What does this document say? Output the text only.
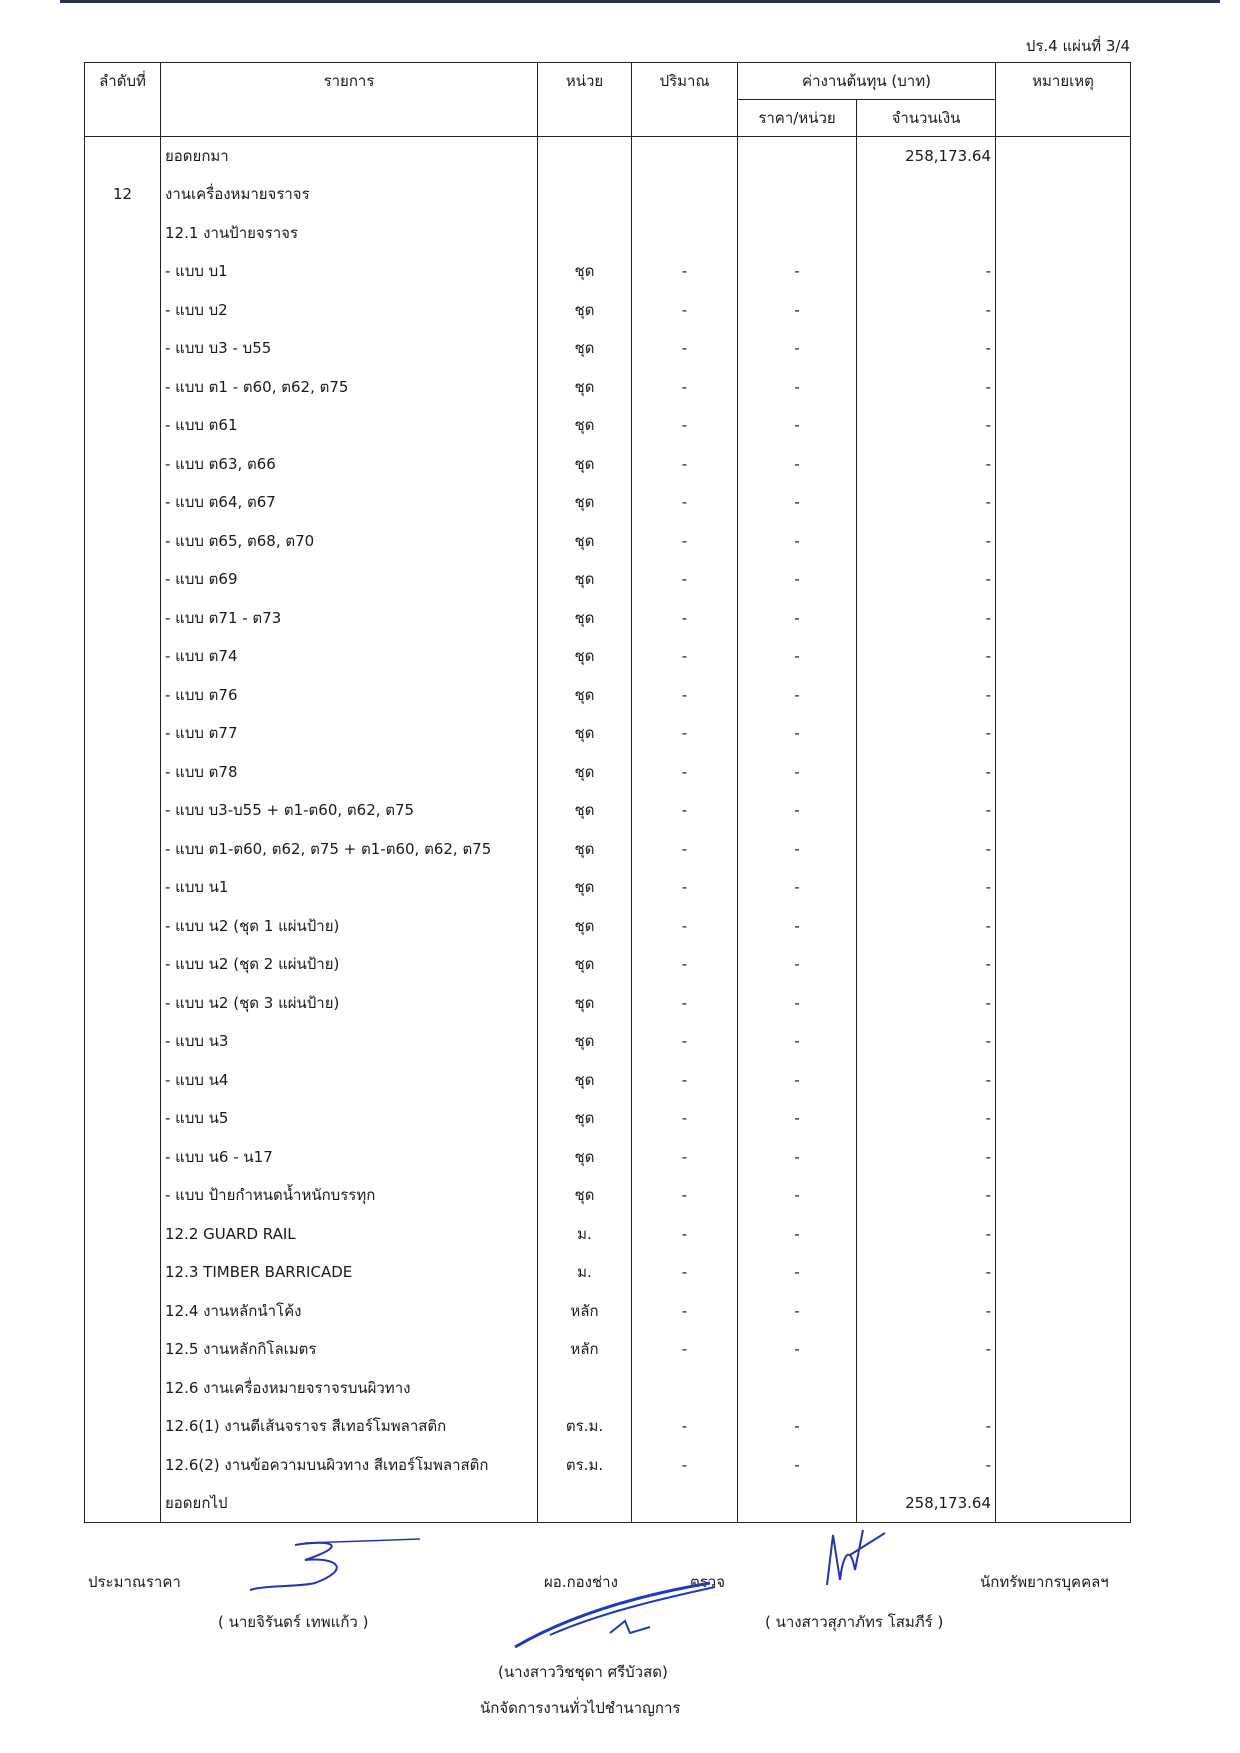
ปร.4 แผ่นที่ 3/4
ลำดับที่	รายการ	หน่วย	ปริมาณ	ค่างานต้นทุน (บาท)		หมายเหตุ
				ราคา/หน่วย	จำนวนเงิน	
	ยอดยกมา				258,173.64	
12	งานเครื่องหมายจราจร					
	12.1 งานป้ายจราจร					
	- แบบ บ1	ชุด	-	-	-	
	- แบบ บ2	ชุด	-	-	-	
	- แบบ บ3 - บ55	ชุด	-	-	-	
	- แบบ ต1 - ต60, ต62, ต75	ชุด	-	-	-	
	- แบบ ต61	ชุด	-	-	-	
	- แบบ ต63, ต66	ชุด	-	-	-	
	- แบบ ต64, ต67	ชุด	-	-	-	
	- แบบ ต65, ต68, ต70	ชุด	-	-	-	
	- แบบ ต69	ชุด	-	-	-	
	- แบบ ต71 - ต73	ชุด	-	-	-	
	- แบบ ต74	ชุด	-	-	-	
	- แบบ ต76	ชุด	-	-	-	
	- แบบ ต77	ชุด	-	-	-	
	- แบบ ต78	ชุด	-	-	-	
	- แบบ บ3-บ55 + ต1-ต60, ต62, ต75	ชุด	-	-	-	
	- แบบ ต1-ต60, ต62, ต75 + ต1-ต60, ต62, ต75	ชุด	-	-	-	
	- แบบ น1	ชุด	-	-	-	
	- แบบ น2 (ชุด 1 แผ่นป้าย)	ชุด	-	-	-	
	- แบบ น2 (ชุด 2 แผ่นป้าย)	ชุด	-	-	-	
	- แบบ น2 (ชุด 3 แผ่นป้าย)	ชุด	-	-	-	
	- แบบ น3	ชุด	-	-	-	
	- แบบ น4	ชุด	-	-	-	
	- แบบ น5	ชุด	-	-	-	
	- แบบ น6 - น17	ชุด	-	-	-	
	- แบบ ป้ายกำหนดน้ำหนักบรรทุก	ชุด	-	-	-	
	12.2 GUARD RAIL	ม.	-	-	-	
	12.3 TIMBER BARRICADE	ม.	-	-	-	
	12.4 งานหลักนำโค้ง	หลัก	-	-	-	
	12.5 งานหลักกิโลเมตร	หลัก	-	-	-	
	12.6 งานเครื่องหมายจราจรบนผิวทาง					
	12.6(1) งานตีเส้นจราจร สีเทอร์โมพลาสติก	ตร.ม.	-	-	-	
	12.6(2) งานข้อความบนผิวทาง สีเทอร์โมพลาสติก	ตร.ม.	-	-	-	
	ยอดยกไป				258,173.64	
ประมาณราคา
( นายจิรันดร์ เทพแก้ว )
ผอ.กองช่าง	ตรวจ
( นางสาวสุภาภัทร โสมภีร์ )
นักทรัพยากรบุคคลฯ
(นางสาววิชชุดา ศรีบัวสด)
นักจัดการงานทั่วไปชำนาญการ
